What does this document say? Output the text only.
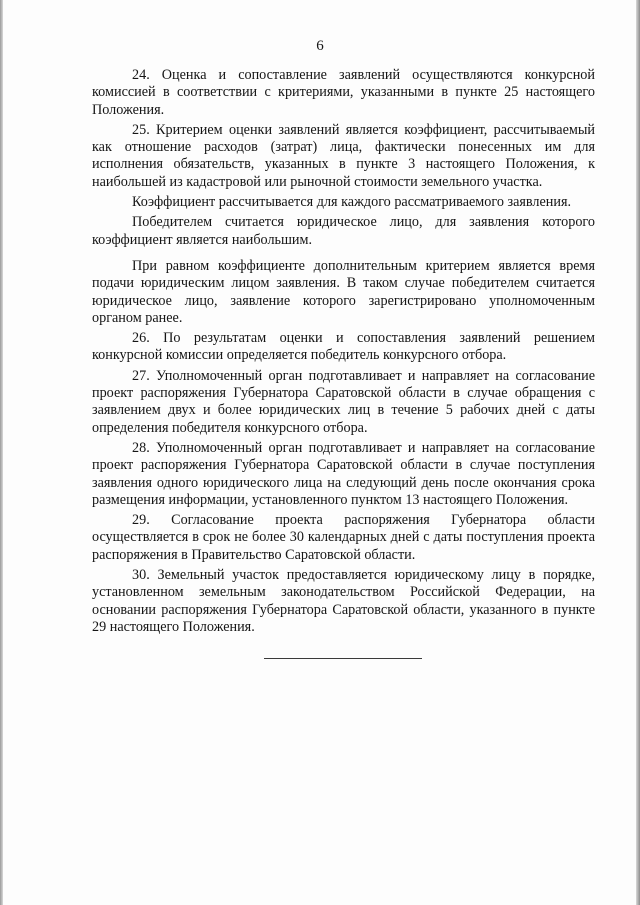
6

24. Оценка и сопоставление заявлений осуществляются конкурсной комиссией в соответствии с критериями, указанными в пункте 25 настоящего Положения.

25. Критерием оценки заявлений является коэффициент, рассчитываемый как отношение расходов (затрат) лица, фактически понесенных им для исполнения обязательств, указанных в пункте 3 настоящего Положения, к наибольшей из кадастровой или рыночной стоимости земельного участка.

Коэффициент рассчитывается для каждого рассматриваемого заявления.

Победителем считается юридическое лицо, для заявления которого коэффициент является наибольшим.

При равном коэффициенте дополнительным критерием является время подачи юридическим лицом заявления. В таком случае победителем считается юридическое лицо, заявление которого зарегистрировано уполномоченным органом ранее.

26. По результатам оценки и сопоставления заявлений решением конкурсной комиссии определяется победитель конкурсного отбора.

27. Уполномоченный орган подготавливает и направляет на согласование проект распоряжения Губернатора Саратовской области в случае обращения с заявлением двух и более юридических лиц в течение 5 рабочих дней с даты определения победителя конкурсного отбора.

28. Уполномоченный орган подготавливает и направляет на согласование проект распоряжения Губернатора Саратовской области в случае поступления заявления одного юридического лица на следующий день после окончания срока размещения информации, установленного пунктом 13 настоящего Положения.

29. Согласование проекта распоряжения Губернатора области осуществляется в срок не более 30 календарных дней с даты поступления проекта распоряжения в Правительство Саратовской области.

30. Земельный участок предоставляется юридическому лицу в порядке, установленном земельным законодательством Российской Федерации, на основании распоряжения Губернатора Саратовской области, указанного в пункте 29 настоящего Положения.
